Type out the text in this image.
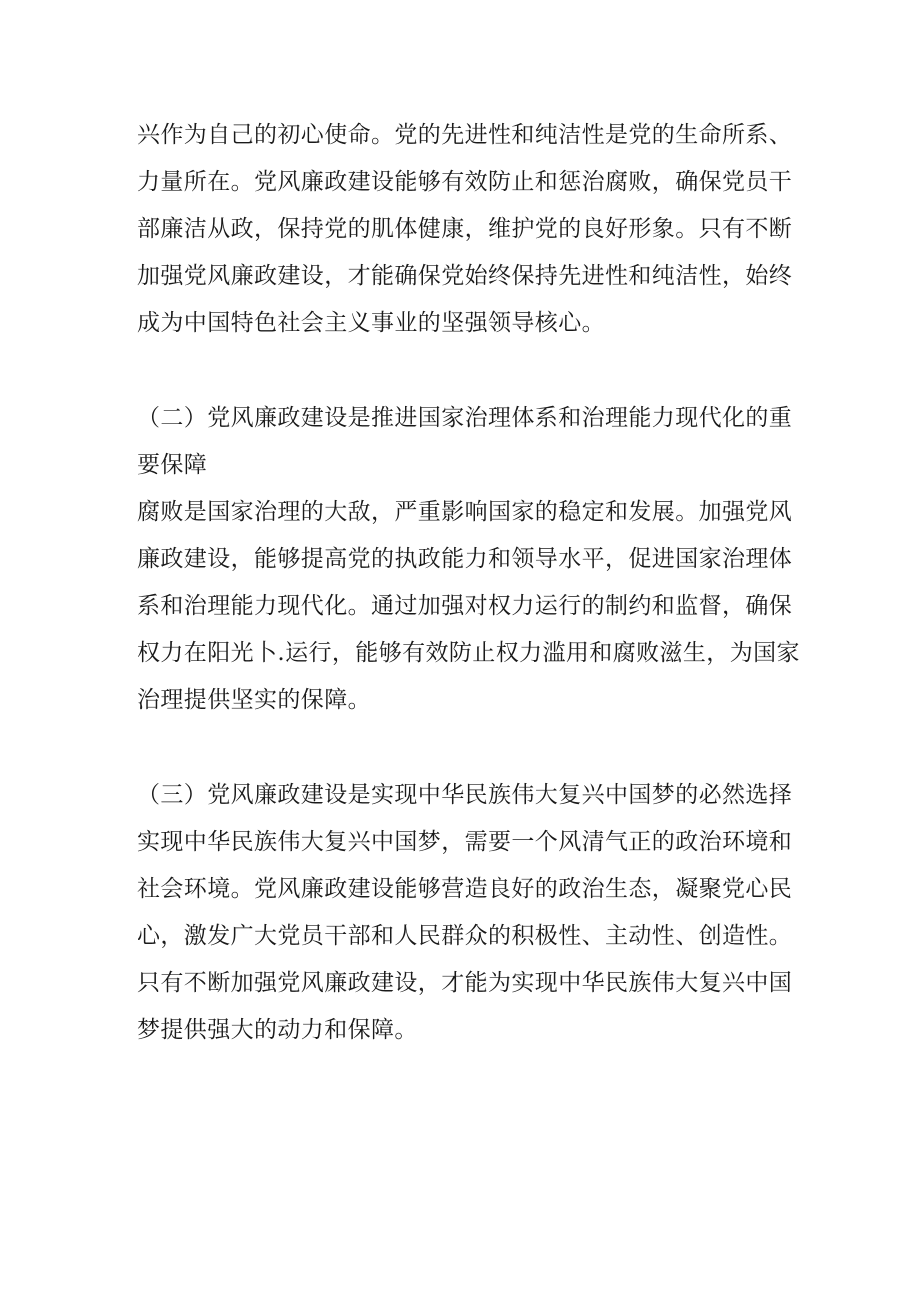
兴作为自己的初心使命。党的先进性和纯洁性是党的生命所系、
力量所在。党风廉政建设能够有效防止和惩治腐败，确保党员干
部廉洁从政，保持党的肌体健康，维护党的良好形象。只有不断
加强党风廉政建设，才能确保党始终保持先进性和纯洁性，始终
成为中国特色社会主义事业的坚强领导核心。
（二）党风廉政建设是推进国家治理体系和治理能力现代化的重
要保障
腐败是国家治理的大敌，严重影响国家的稳定和发展。加强党风
廉政建设，能够提高党的执政能力和领导水平，促进国家治理体
系和治理能力现代化。通过加强对权力运行的制约和监督，确保
权力在阳光卜.运行，能够有效防止权力滥用和腐败滋生，为国家
治理提供坚实的保障。
（三）党风廉政建设是实现中华民族伟大复兴中国梦的必然选择
实现中华民族伟大复兴中国梦，需要一个风清气正的政治环境和
社会环境。党风廉政建设能够营造良好的政治生态，凝聚党心民
心，激发广大党员干部和人民群众的积极性、主动性、创造性。
只有不断加强党风廉政建设，才能为实现中华民族伟大复兴中国
梦提供强大的动力和保障。
